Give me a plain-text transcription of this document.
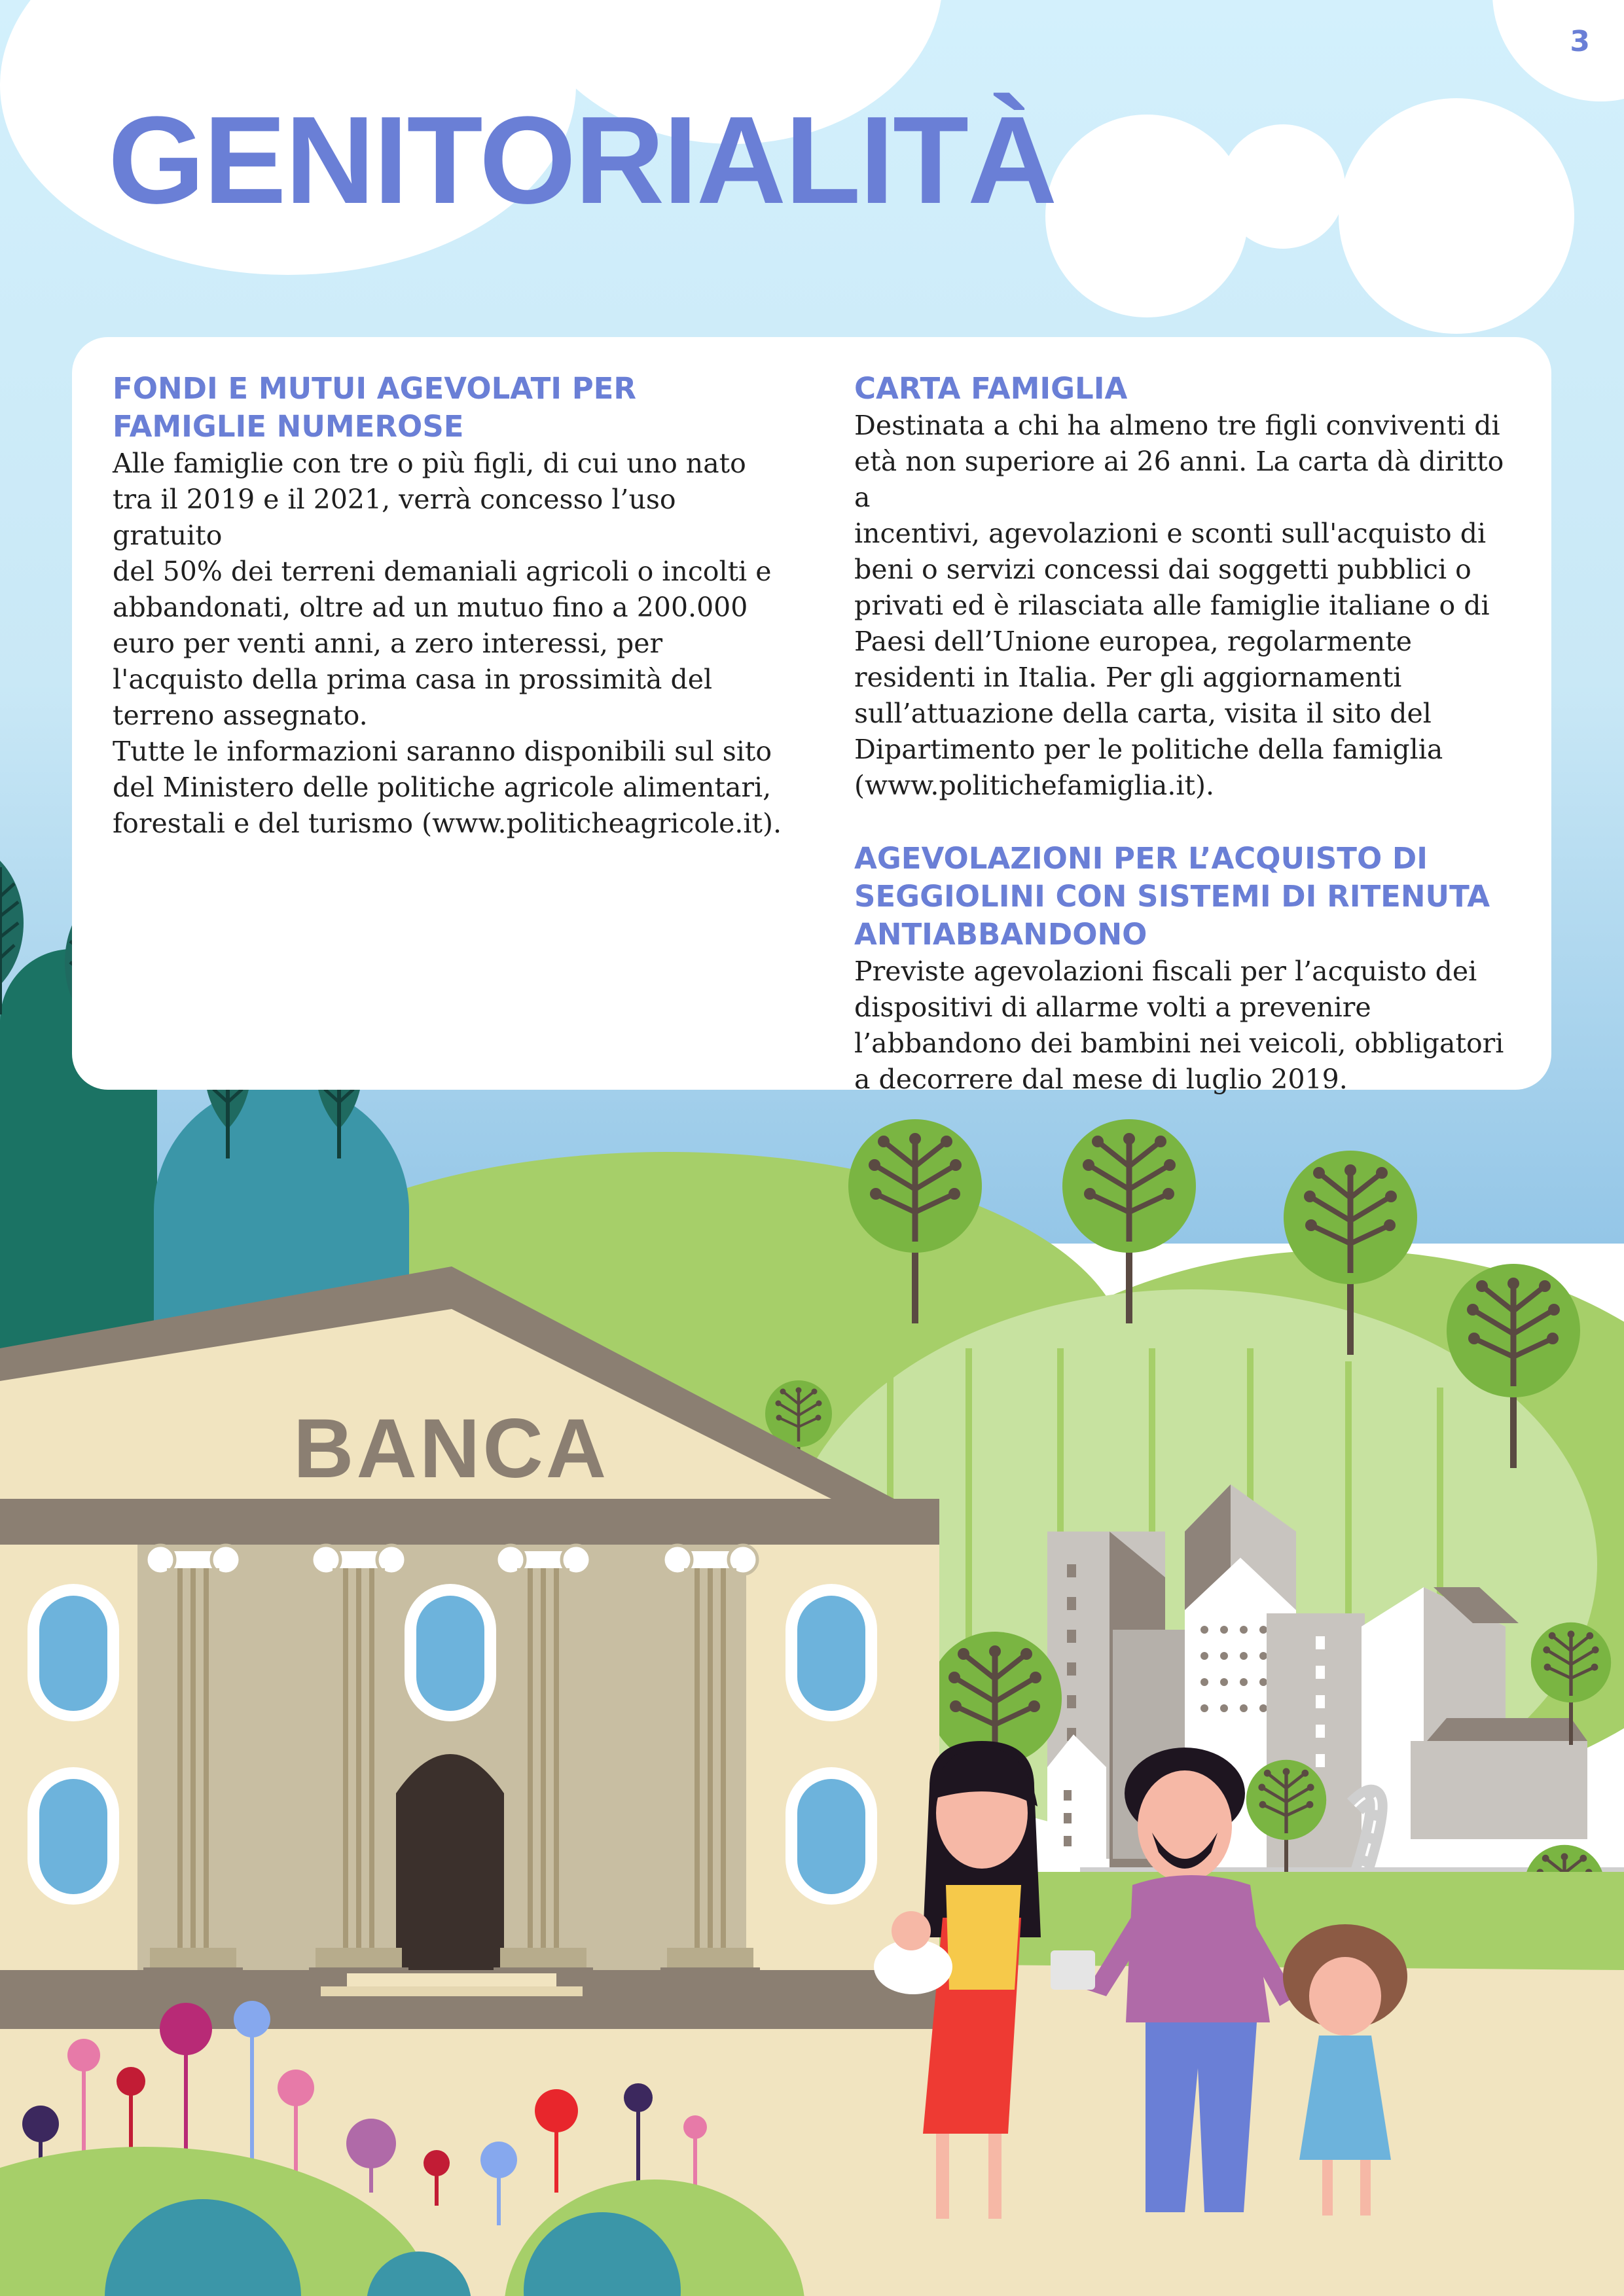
3
GENITORIALITÀ
FONDI E MUTUI AGEVOLATI PER
FAMIGLIE NUMEROSE
Alle famiglie con tre o più figli, di cui uno nato
tra il 2019 e il 2021, verrà concesso l’uso gratuito
del 50% dei terreni demaniali agricoli o incolti e
abbandonati, oltre ad un mutuo fino a 200.000
euro per venti anni, a zero interessi, per
l'acquisto della prima casa in prossimità del
terreno assegnato.
Tutte le informazioni saranno disponibili sul sito
del Ministero delle politiche agricole alimentari,
forestali e del turismo (www.politicheagricole.it).
CARTA FAMIGLIA
Destinata a chi ha almeno tre figli conviventi di
età non superiore ai 26 anni. La carta dà diritto a
incentivi, agevolazioni e sconti sull'acquisto di
beni o servizi concessi dai soggetti pubblici o
privati ed è rilasciata alle famiglie italiane o di
Paesi dell’Unione europea, regolarmente
residenti in Italia. Per gli aggiornamenti
sull’attuazione della carta, visita il sito del
Dipartimento per le politiche della famiglia
(www.politichefamiglia.it).
AGEVOLAZIONI PER L’ACQUISTO DI
SEGGIOLINI CON SISTEMI DI RITENUTA
ANTIABBANDONO
Previste agevolazioni fiscali per l’acquisto dei
dispositivi di allarme volti a prevenire
l’abbandono dei bambini nei veicoli, obbligatori
a decorrere dal mese di luglio 2019.
BANCA
